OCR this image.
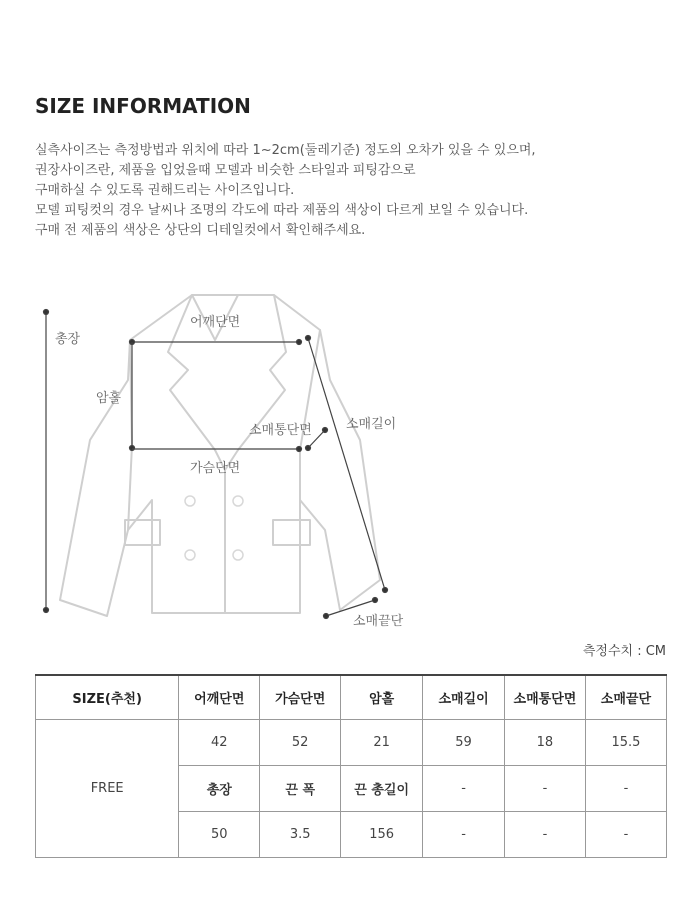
SIZE INFORMATION
실측사이즈는 측정방법과 위치에 따라 1~2cm(둘레기준) 정도의 오차가 있을 수 있으며,
권장사이즈란, 제품을 입었을때 모델과 비슷한 스타일과 피팅감으로
구매하실 수 있도록 권해드리는 사이즈입니다.
모델 피팅컷의 경우 날씨나 조명의 각도에 따라 제품의 색상이 다르게 보일 수 있습니다.
구매 전 제품의 색상은 상단의 디테일컷에서 확인해주세요.
총장
어깨단면
암홀
소매통단면	소매길이
가슴단면
소매끝단
측정수치 : CM
SIZE(추천)	어깨단면	가슴단면	암홀	소매길이	소매통단면	소매끝단
FREE	42	52	21	59	18	15.5
	총장	끈 폭	끈 총길이	-	-	-
	50	3.5	156	-	-	-
